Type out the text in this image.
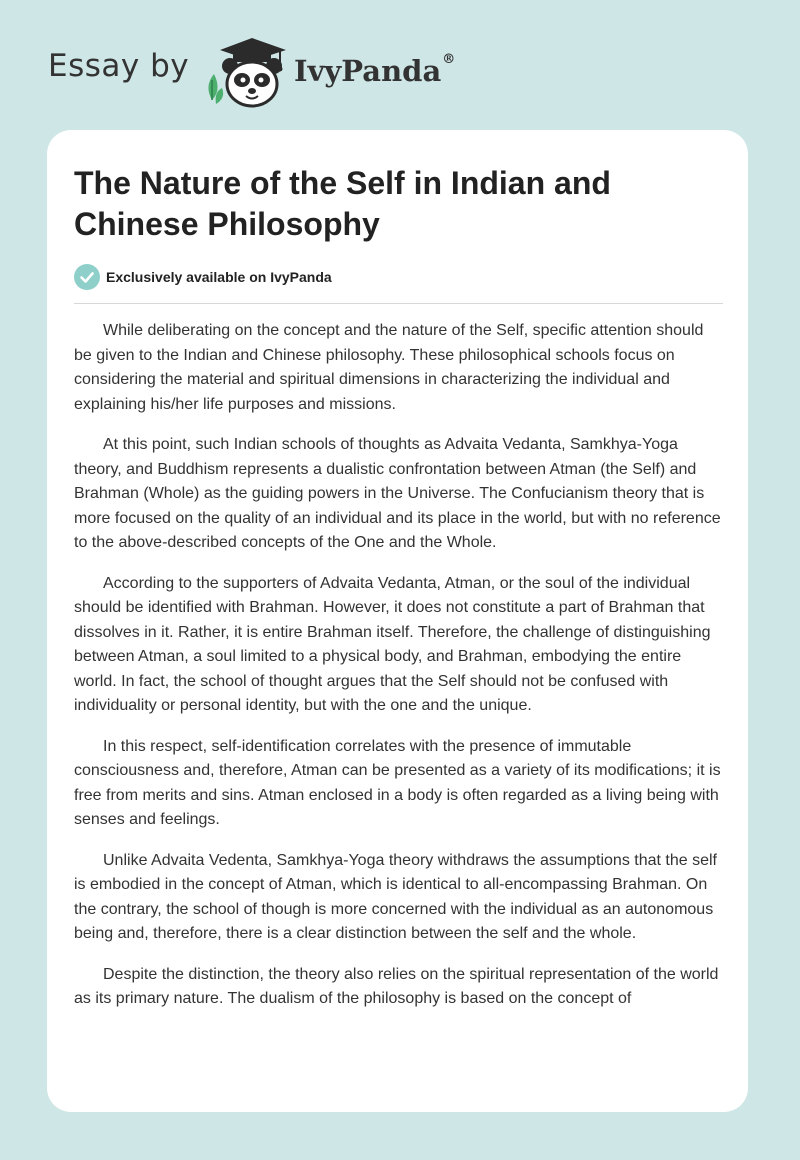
Essay by	IvyPanda®
The Nature of the Self in Indian and Chinese Philosophy
Exclusively available on IvyPanda

While deliberating on the concept and the nature of the Self, specific attention should be given to the Indian and Chinese philosophy. These philosophical schools focus on considering the material and spiritual dimensions in characterizing the individual and explaining his/her life purposes and missions.

At this point, such Indian schools of thoughts as Advaita Vedanta, Samkhya-Yoga theory, and Buddhism represents a dualistic confrontation between Atman (the Self) and Brahman (Whole) as the guiding powers in the Universe. The Confucianism theory that is more focused on the quality of an individual and its place in the world, but with no reference to the above-described concepts of the One and the Whole.

According to the supporters of Advaita Vedanta, Atman, or the soul of the individual should be identified with Brahman. However, it does not constitute a part of Brahman that dissolves in it. Rather, it is entire Brahman itself. Therefore, the challenge of distinguishing between Atman, a soul limited to a physical body, and Brahman, embodying the entire world. In fact, the school of thought argues that the Self should not be confused with individuality or personal identity, but with the one and the unique.

In this respect, self-identification correlates with the presence of immutable consciousness and, therefore, Atman can be presented as a variety of its modifications; it is free from merits and sins. Atman enclosed in a body is often regarded as a living being with senses and feelings.

Unlike Advaita Vedenta, Samkhya-Yoga theory withdraws the assumptions that the self is embodied in the concept of Atman, which is identical to all-encompassing Brahman. On the contrary, the school of though is more concerned with the individual as an autonomous being and, therefore, there is a clear distinction between the self and the whole.

Despite the distinction, the theory also relies on the spiritual representation of the world as its primary nature. The dualism of the philosophy is based on the concept of
